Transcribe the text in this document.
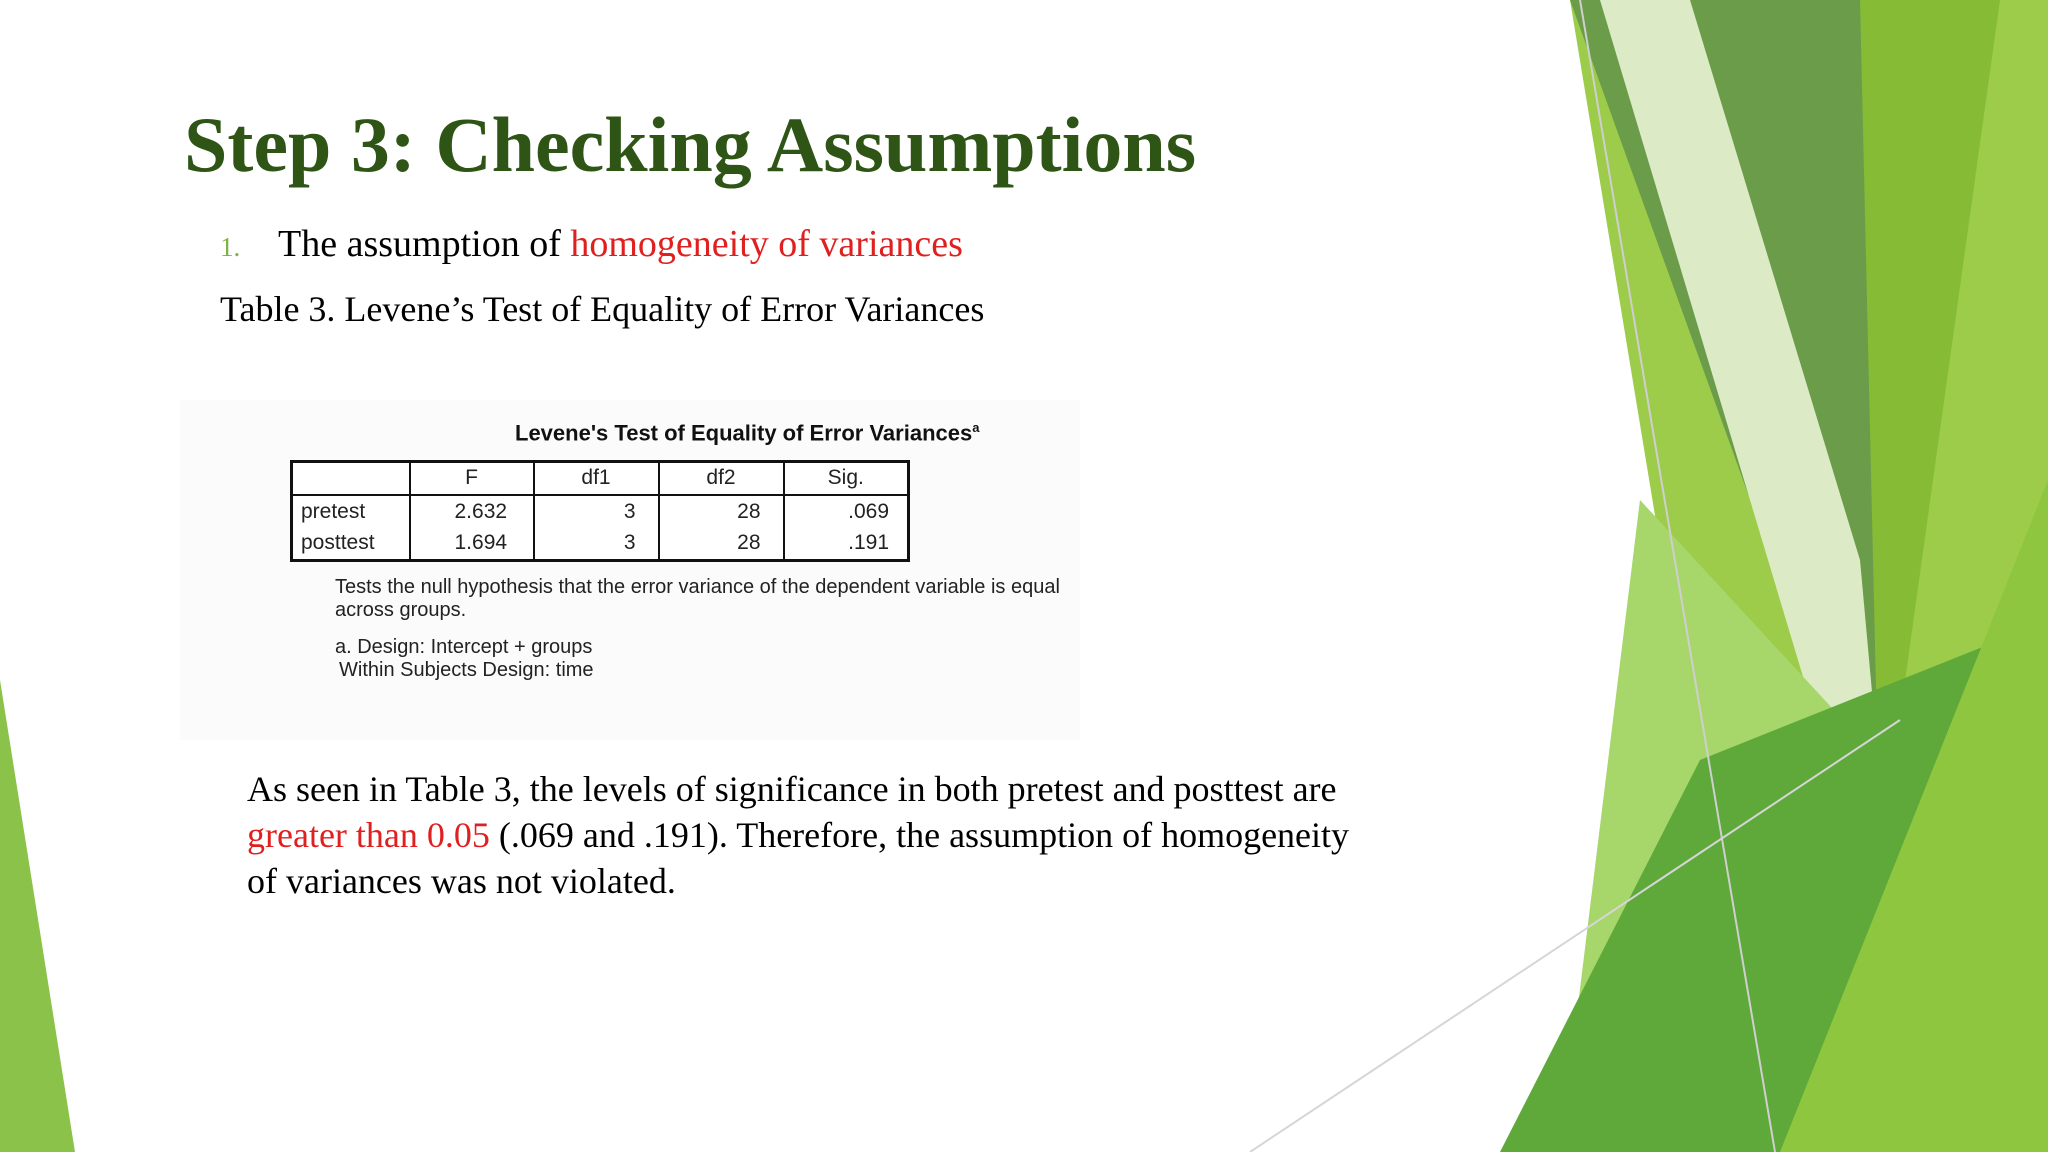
Step 3: Checking Assumptions
1. The assumption of homogeneity of variances
Table 3. Levene’s Test of Equality of Error Variances
Levene's Test of Equality of Error Variances$^a$
	F	df1	df2	Sig.
pretest	2.632	3	28	.069
posttest	1.694	3	28	.191
Tests the null hypothesis that the error variance of the dependent variable is equal
across groups.
a. Design: Intercept + groups
Within Subjects Design: time

As seen in Table 3, the levels of significance in both pretest and posttest are

greater than 0.05 (.069 and .191). Therefore, the assumption of homogeneity

of variances was not violated.
